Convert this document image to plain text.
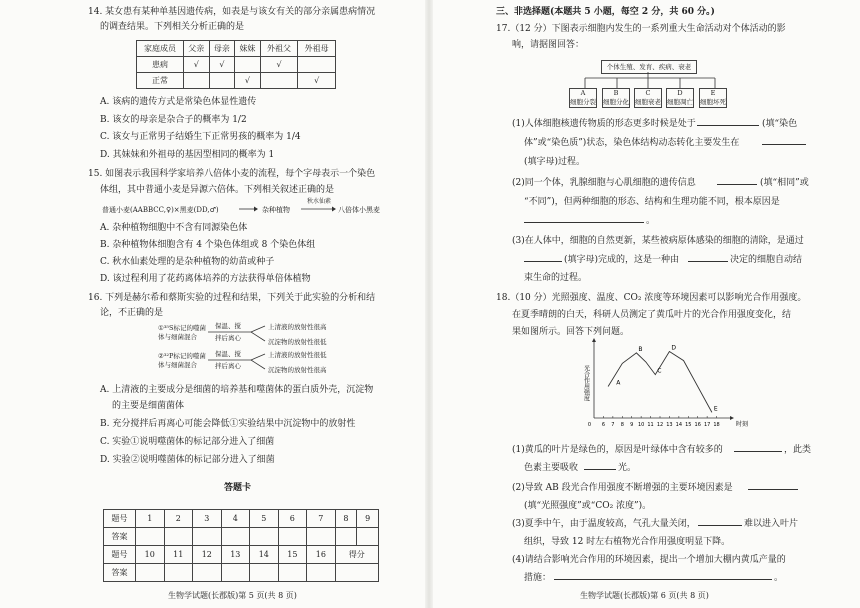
14. 某女患有某种单基因遗传病，如表是与该女有关的部分亲属患病情况
的调查结果。下列相关分析正确的是
家庭成员	父亲	母亲	妹妹	外祖父	外祖母
患病	√	√		√	
正常			√		√
A. 该病的遗传方式是常染色体显性遗传
B. 该女的母亲是杂合子的概率为 1/2
C. 该女与正常男子结婚生下正常男孩的概率为 1/4
D. 其妹妹和外祖母的基因型相同的概率为 1
15. 如图表示我国科学家培养八倍体小麦的流程，每个字母表示一个染色
体组，其中普通小麦是异源六倍体。下列相关叙述正确的是
普通小麦(AABBCC,♀)×黑麦(DD,♂)	杂种植物
秋水仙素
八倍体小黑麦
A. 杂种植物细胞中不含有同源染色体
B. 杂种植物体细胞含有 4 个染色体组或 8 个染色体组
C. 秋水仙素处理的是杂种植物的幼苗或种子
D. 该过程利用了花药离体培养的方法获得单倍体植物
16. 下列是赫尔希和蔡斯实验的过程和结果，下列关于此实验的分析和结
论，不正确的是
①³⁵S标记的噬菌
体与细菌混合
保温、搅
拌后离心
上清液的放射性很高
沉淀物的放射性很低
②³²P标记的噬菌
体与细菌混合
保温、搅
拌后离心
上清液的放射性很低
沉淀物的放射性很高
A. 上清液的主要成分是细菌的培养基和噬菌体的蛋白质外壳，沉淀物
的主要是细菌菌体
B. 充分搅拌后再离心可能会降低①实验结果中沉淀物中的放射性
C. 实验①说明噬菌体的标记部分进入了细菌
D. 实验②说明噬菌体的标记部分进入了细菌
答题卡
题号	1	2	3	4	5	6	7	8	9
答案									
题号	10	11	12	13	14	15	16	得分	
答案									
生物学试题(长郡版)第 5 页(共 8 页)
三、非选择题(本题共 5 小题，每空 2 分，共 60 分。)
17.（12 分）下图表示细胞内发生的一系列重大生命活动对个体活动的影
响，请据图回答：
个体生殖、发育、疾病、衰老
A
细胞分裂
B
细胞分化
C
细胞衰老
D
细胞凋亡
E
细胞坏死
(1)人体细胞核遗传物质的形态更多时候是处于	(填“染色
体”或“染色质”)状态，染色体结构动态转化主要发生在
(填字母)过程。
(2)同一个体，乳腺细胞与心肌细胞的遗传信息	(填“相同”或
“不同”)，但两种细胞的形态、结构和生理功能不同，根本原因是
。
(3)在人体中，细胞的自然更新，某些被病原体感染的细胞的清除，是通过
(填字母)完成的，这是一种由	决定的细胞自动结
束生命的过程。
18.（10 分）光照强度、温度、CO₂ 浓度等环境因素可以影响光合作用强度。
在夏季晴朗的白天，科研人员测定了黄瓜叶片的光合作用强度变化，结
果如图所示。回答下列问题。
0 6 7 8 9 10 11 12 13 14 15 16 17 18	时刻
光合作用强度	A
B
C
D
E
(1)黄瓜的叶片是绿色的，原因是叶绿体中含有较多的	，此类
色素主要吸收	光。
(2)导致 AB 段光合作用强度不断增强的主要环境因素是
(填“光照强度”或“CO₂ 浓度”)。
(3)夏季中午，由于温度较高，气孔大量关闭，	难以进入叶片
组织，导致 12 时左右植物光合作用强度明显下降。
(4)请结合影响光合作用的环境因素，提出一个增加大棚内黄瓜产量的
措施：	。
生物学试题(长郡版)第 6 页(共 8 页)
